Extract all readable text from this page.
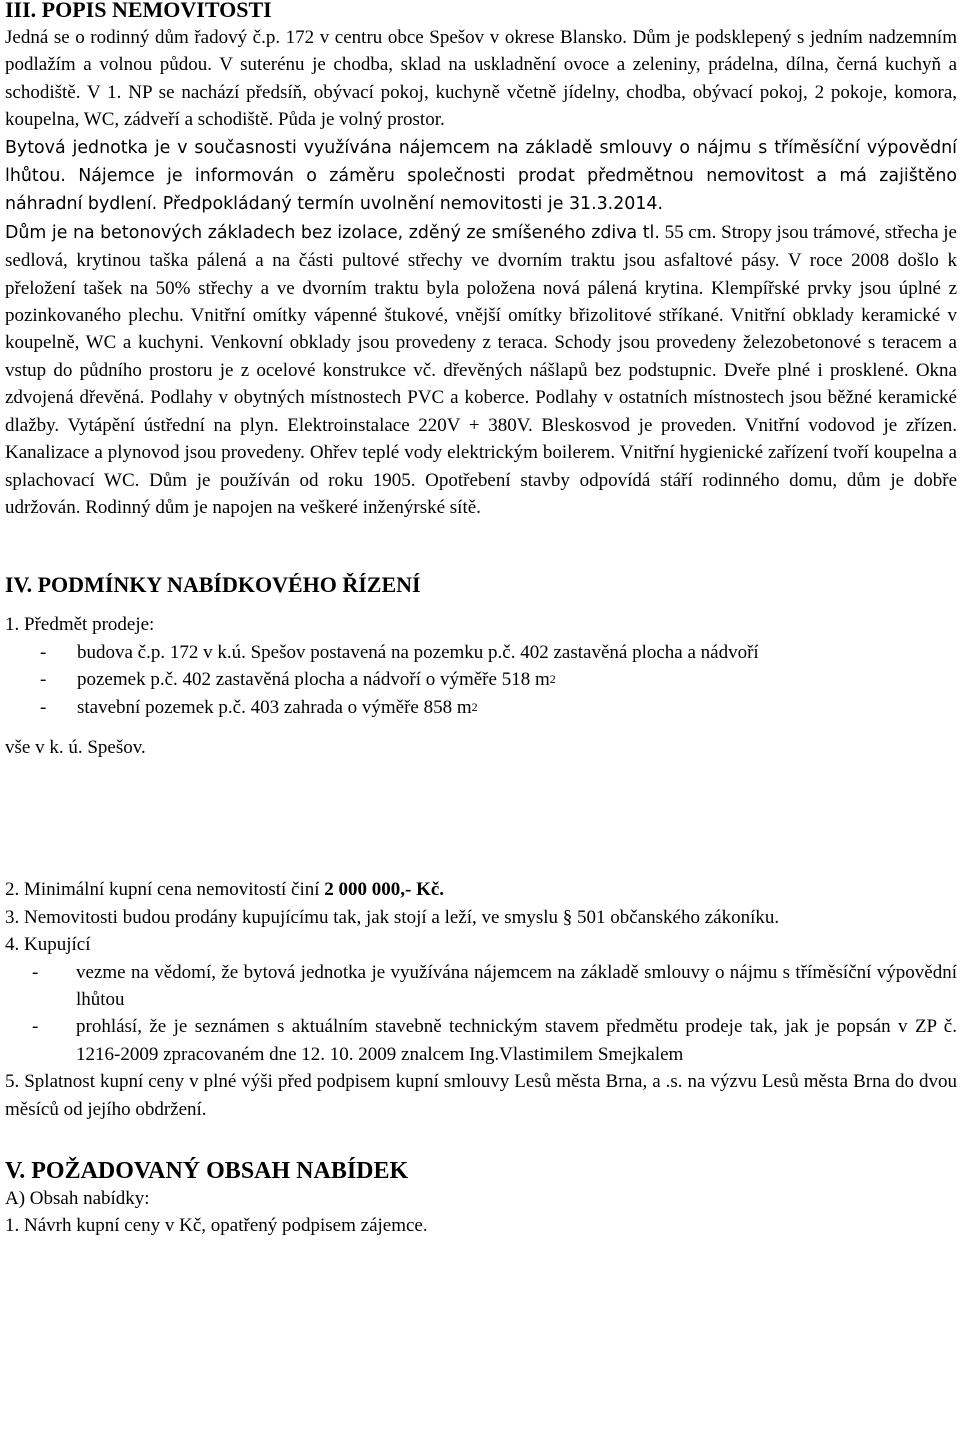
III. POPIS NEMOVITOSTI

Jedná se o rodinný dům řadový č.p. 172 v centru obce Spešov v okrese Blansko. Dům je podsklepený s jedním nadzemním podlažím a volnou půdou. V suterénu je chodba, sklad na uskladnění ovoce a zeleniny, prádelna, dílna, černá kuchyň a schodiště. V 1. NP se nachází předsíň, obývací pokoj, kuchyně včetně jídelny, chodba, obývací pokoj, 2 pokoje, komora, koupelna, WC, zádveří a schodiště. Půda je volný prostor.

Bytová jednotka je v současnosti využívána nájemcem na základě smlouvy o nájmu s tříměsíční výpovědní lhůtou. Nájemce je informován o záměru společnosti prodat předmětnou nemovitost a má zajištěno náhradní bydlení. Předpokládaný termín uvolnění nemovitosti je 31.3.2014.

Dům je na betonových základech bez izolace, zděný ze smíšeného zdiva tl. 55 cm. Stropy jsou trámové, střecha je sedlová, krytinou taška pálená a na části pultové střechy ve dvorním traktu jsou asfaltové pásy. V roce 2008 došlo k přeložení tašek na 50% střechy a ve dvorním traktu byla položena nová pálená krytina. Klempířské prvky jsou úplné z pozinkovaného plechu. Vnitřní omítky vápenné štukové, vnější omítky břizolitové stříkané. Vnitřní obklady keramické v koupelně, WC a kuchyni. Venkovní obklady jsou provedeny z teraca. Schody jsou provedeny železobetonové s teracem a vstup do půdního prostoru je z ocelové konstrukce vč. dřevěných nášlapů bez podstupnic. Dveře plné i prosklené. Okna zdvojená dřevěná. Podlahy v obytných místnostech PVC a koberce. Podlahy v ostatních místnostech jsou běžné keramické dlažby. Vytápění ústřední na plyn. Elektroinstalace 220V + 380V. Bleskosvod je proveden. Vnitřní vodovod je zřízen. Kanalizace a plynovod jsou provedeny. Ohřev teplé vody elektrickým boilerem. Vnitřní hygienické zařízení tvoří koupelna a splachovací WC. Dům je používán od roku 1905. Opotřebení stavby odpovídá stáří rodinného domu, dům je dobře udržován. Rodinný dům je napojen na veškeré inženýrské sítě.

IV. PODMÍNKY NABÍDKOVÉHO ŘÍZENÍ

1. Předmět prodeje:

-	budova č.p. 172 v k.ú. Spešov postavená na pozemku p.č. 402 zastavěná plocha a nádvoří
-	pozemek p.č. 402 zastavěná plocha a nádvoří o výměře 518 m 2
-	stavební pozemek p.č. 403 zahrada o výměře 858 m 2

vše v k. ú. Spešov.

2. Minimální kupní cena nemovitostí činí 2 000 000,- Kč.

3. Nemovitosti budou prodány kupujícímu tak, jak stojí a leží, ve smyslu § 501 občanského zákoníku.

4. Kupující

-	vezme na vědomí, že bytová jednotka je využívána nájemcem na základě smlouvy o nájmu s tříměsíční výpovědní lhůtou
-	prohlásí, že je seznámen s aktuálním stavebně technickým stavem předmětu prodeje tak, jak je popsán v ZP č. 1216-2009 zpracovaném dne 12. 10. 2009 znalcem Ing.Vlastimilem Smejkalem

5. Splatnost kupní ceny v plné výši před podpisem kupní smlouvy Lesů města Brna, a .s. na výzvu Lesů města Brna do dvou měsíců od jejího obdržení.

V. POŽADOVANÝ OBSAH NABÍDEK

A) Obsah nabídky:

1. Návrh kupní ceny v Kč, opatřený podpisem zájemce.
